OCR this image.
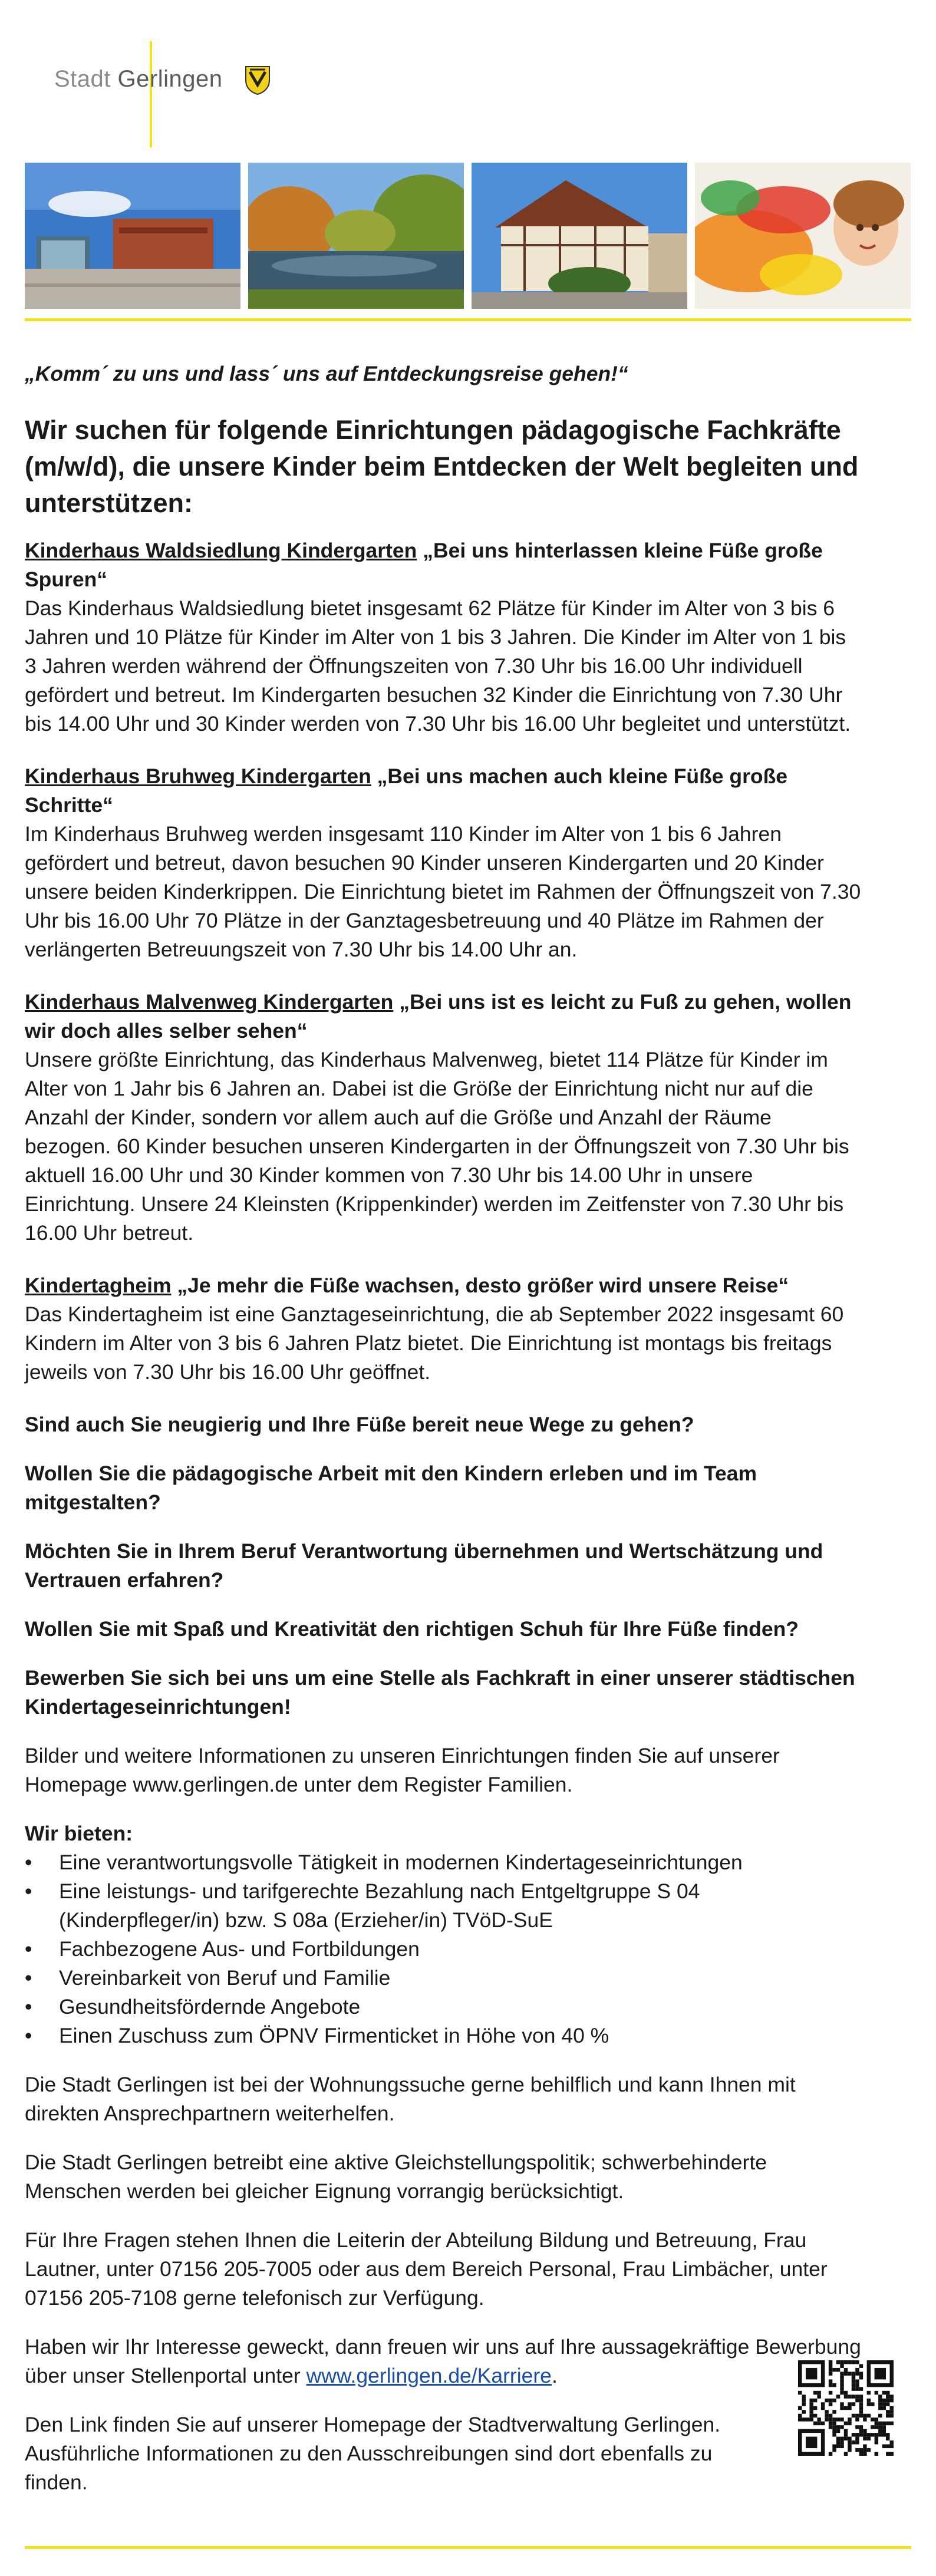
Stadt Gerlingen

„Komm´ zu uns und lass´ uns auf Entdeckungsreise gehen!“

Wir suchen für folgende Einrichtungen pädagogische Fachkräfte (m/w/d), die unsere Kinder beim Entdecken der Welt begleiten und unterstützen:

Kinderhaus Waldsiedlung Kindergarten „Bei uns hinterlassen kleine Füße große Spuren“

Das Kinderhaus Waldsiedlung bietet insgesamt 62 Plätze für Kinder im Alter von 3 bis 6 Jahren und 10 Plätze für Kinder im Alter von 1 bis 3 Jahren. Die Kinder im Alter von 1 bis 3 Jahren werden während der Öffnungszeiten von 7.30 Uhr bis 16.00 Uhr individuell gefördert und betreut. Im Kindergarten besuchen 32 Kinder die Einrichtung von 7.30 Uhr bis 14.00 Uhr und 30 Kinder werden von 7.30 Uhr bis 16.00 Uhr begleitet und unterstützt.

Kinderhaus Bruhweg Kindergarten „Bei uns machen auch kleine Füße große Schritte“

Im Kinderhaus Bruhweg werden insgesamt 110 Kinder im Alter von 1 bis 6 Jahren gefördert und betreut, davon besuchen 90 Kinder unseren Kindergarten und 20 Kinder unsere beiden Kinderkrippen. Die Einrichtung bietet im Rahmen der Öffnungszeit von 7.30 Uhr bis 16.00 Uhr 70 Plätze in der Ganztagesbetreuung und 40 Plätze im Rahmen der verlängerten Betreuungszeit von 7.30 Uhr bis 14.00 Uhr an.

Kinderhaus Malvenweg Kindergarten „Bei uns ist es leicht zu Fuß zu gehen, wollen wir doch alles selber sehen“

Unsere größte Einrichtung, das Kinderhaus Malvenweg, bietet 114 Plätze für Kinder im Alter von 1 Jahr bis 6 Jahren an. Dabei ist die Größe der Einrichtung nicht nur auf die Anzahl der Kinder, sondern vor allem auch auf die Größe und Anzahl der Räume bezogen. 60 Kinder besuchen unseren Kindergarten in der Öffnungszeit von 7.30 Uhr bis aktuell 16.00 Uhr und 30 Kinder kommen von 7.30 Uhr bis 14.00 Uhr in unsere Einrichtung. Unsere 24 Kleinsten (Krippenkinder) werden im Zeitfenster von 7.30 Uhr bis 16.00 Uhr betreut.

Kindertagheim „Je mehr die Füße wachsen, desto größer wird unsere Reise“

Das Kindertagheim ist eine Ganztageseinrichtung, die ab September 2022 insgesamt 60 Kindern im Alter von 3 bis 6 Jahren Platz bietet. Die Einrichtung ist montags bis freitags jeweils von 7.30 Uhr bis 16.00 Uhr geöffnet.

Sind auch Sie neugierig und Ihre Füße bereit neue Wege zu gehen?

Wollen Sie die pädagogische Arbeit mit den Kindern erleben und im Team mitgestalten?

Möchten Sie in Ihrem Beruf Verantwortung übernehmen und Wertschätzung und Vertrauen erfahren?

Wollen Sie mit Spaß und Kreativität den richtigen Schuh für Ihre Füße finden?

Bewerben Sie sich bei uns um eine Stelle als Fachkraft in einer unserer städtischen Kindertageseinrichtungen!

Bilder und weitere Informationen zu unseren Einrichtungen finden Sie auf unserer Homepage www.gerlingen.de unter dem Register Familien.

Wir bieten:

• Eine verantwortungsvolle Tätigkeit in modernen Kindertageseinrichtungen
• Eine leistungs- und tarifgerechte Bezahlung nach Entgeltgruppe S 04 (Kinderpfleger/in) bzw. S 08a (Erzieher/in) TVöD-SuE
• Fachbezogene Aus- und Fortbildungen
• Vereinbarkeit von Beruf und Familie
• Gesundheitsfördernde Angebote
• Einen Zuschuss zum ÖPNV Firmenticket in Höhe von 40 %

Die Stadt Gerlingen ist bei der Wohnungssuche gerne behilflich und kann Ihnen mit direkten Ansprechpartnern weiterhelfen.

Die Stadt Gerlingen betreibt eine aktive Gleichstellungspolitik; schwerbehinderte Menschen werden bei gleicher Eignung vorrangig berücksichtigt.

Für Ihre Fragen stehen Ihnen die Leiterin der Abteilung Bildung und Betreuung, Frau Lautner, unter 07156 205-7005 oder aus dem Bereich Personal, Frau Limbächer, unter 07156 205-7108 gerne telefonisch zur Verfügung.

Haben wir Ihr Interesse geweckt, dann freuen wir uns auf Ihre aussagekräftige Bewerbung über unser Stellenportal unter www.gerlingen.de/Karriere.

Den Link finden Sie auf unserer Homepage der Stadtverwaltung Gerlingen. Ausführliche Informationen zu den Ausschreibungen sind dort ebenfalls zu finden.
